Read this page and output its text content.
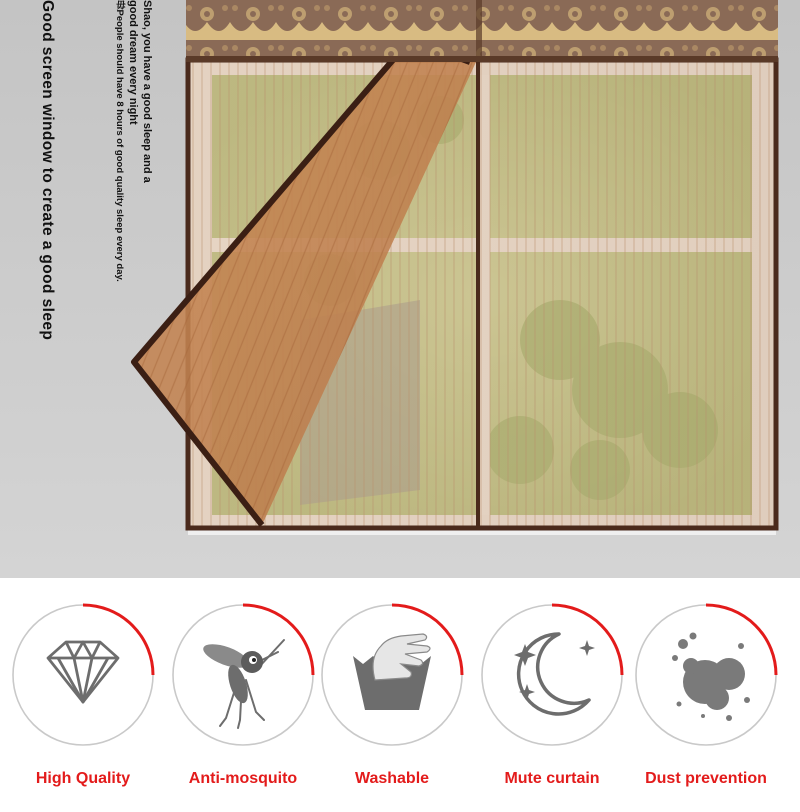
Good screen window to create a good sleep	Shao, you have a good sleep and a
good dream every night
毋People should have 8 hours of good quality sleep every day.
High Quality	Anti-mosquito	Washable	Mute curtain	Dust prevention
